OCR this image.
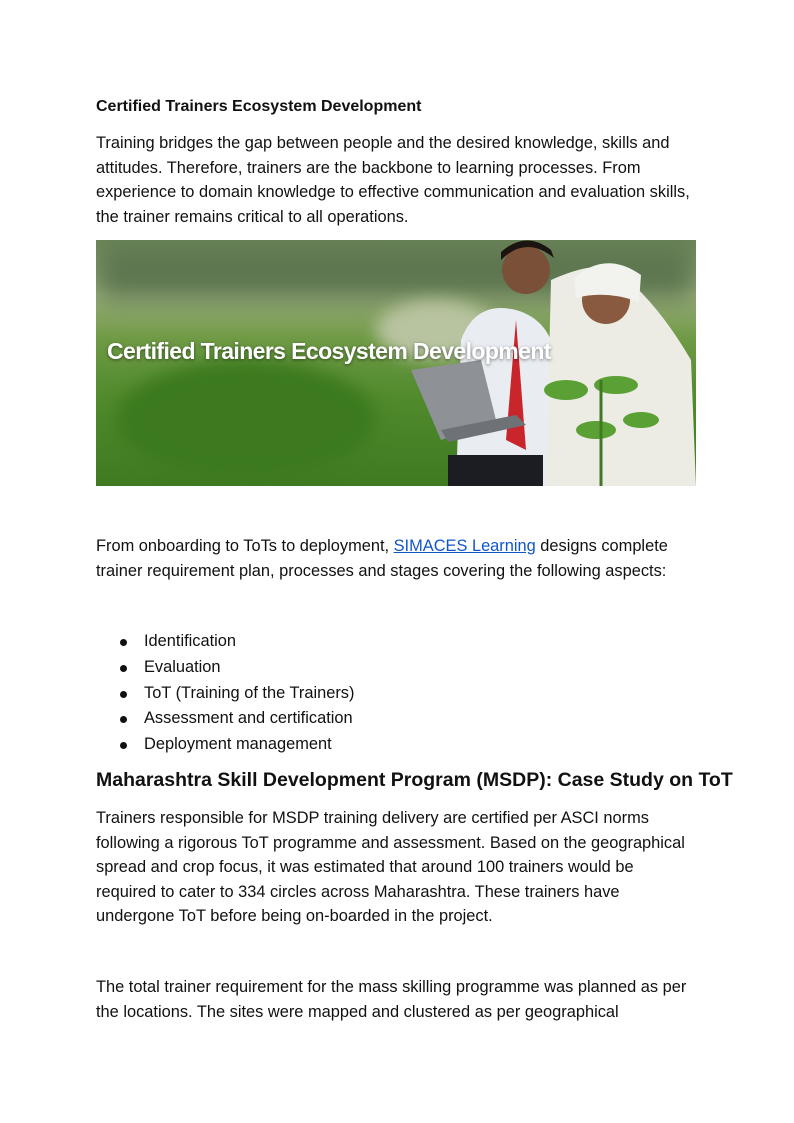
Certified Trainers Ecosystem Development

Training bridges the gap between people and the desired knowledge, skills and attitudes. Therefore, trainers are the backbone to learning processes. From experience to domain knowledge to effective communication and evaluation skills, the trainer remains critical to all operations.

Certified Trainers Ecosystem Development

From onboarding to ToTs to deployment, SIMACES Learning designs complete trainer requirement plan, processes and stages covering the following aspects:

Identification
Evaluation
ToT (Training of the Trainers)
Assessment and certification
Deployment management
Maharashtra Skill Development Program (MSDP): Case Study on ToT

Trainers responsible for MSDP training delivery are certified per ASCI norms following a rigorous ToT programme and assessment. Based on the geographical spread and crop focus, it was estimated that around 100 trainers would be required to cater to 334 circles across Maharashtra. These trainers have undergone ToT before being on-boarded in the project.

The total trainer requirement for the mass skilling programme was planned as per the locations. The sites were mapped and clustered as per geographical
